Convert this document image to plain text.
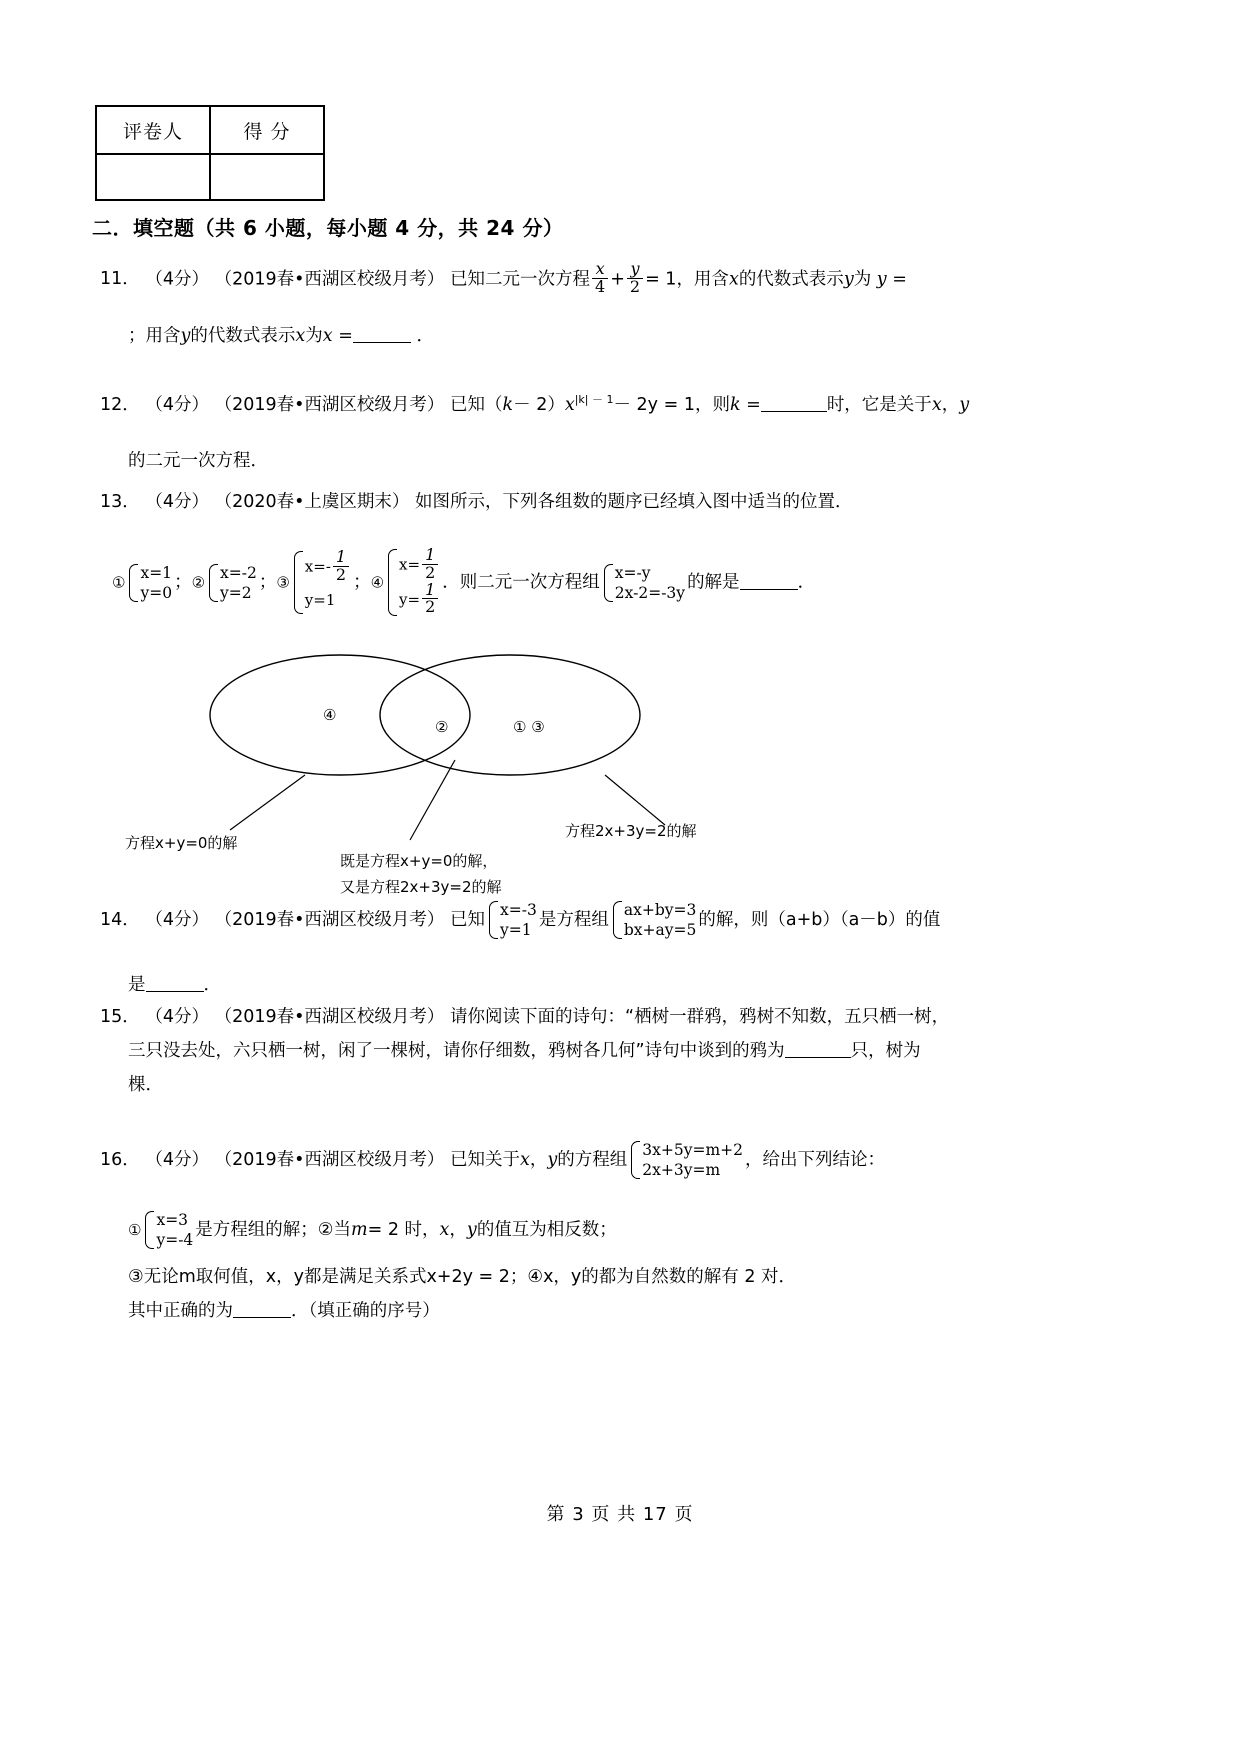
评卷人	得 分

二．填空题（共 6 小题，每小题 4 分，共 24 分）
11． （4分） （2019春•西湖区校级月考） 已知二元一次方程 $\frac{x}{4} + \frac{y}{2} = 1$，用含x的代数式表示y为 y =
；用含y的代数式表示x为x =	．
12． （4分） （2019春•西湖区校级月考） 已知$(k- 2)x^{|k| - 1}- 2y = 1$，则k =	时，它是关于x，y
的二元一次方程．
13． （4分） （2020春•上虞区期末） 如图所示，下列各组数的题序已经填入图中适当的位置．
①
x=1
y=0 ；②
x=-2
y=2 ；③
$x=- \frac{1}{2}$
y=1
；④
$x= \frac{1}{2}$
$y= \frac{1}{2}$ ．则二元一次方程组 x=-y
2x-2=-3y 的解是	．
④
②	① ③
方程x+y=0的解
既是方程x+y=0的解，
又是方程2x+3y=2的解
方程2x+3y=2的解
14． （4分） （2019春•西湖区校级月考） 已知 x=-3
y=1 是方程组 ax+by=3
bx+ay=5 的解，则（a+b）（a－b）的值
是	．
15． （4分） （2019春•西湖区校级月考） 请你阅读下面的诗句：“栖树一群鸦，鸦树不知数，五只栖一树，
三只没去处，六只栖一树，闲了一棵树，请你仔细数，鸦树各几何”诗句中谈到的鸦为	只，树为
棵．
16． （4分） （2019春•西湖区校级月考） 已知关于x，y的方程组 3x+5y=m+2
2x+3y=m	，给出下列结论：
①
x=3
y=-4 是方程组的解；②当m= 2 时，x，y的值互为相反数；
③无论m取何值，x，y都是满足关系式x+2y = 2；④x，y的都为自然数的解有 2 对．
其中正确的为	．（填正确的序号）
第 3 页 共 17 页
